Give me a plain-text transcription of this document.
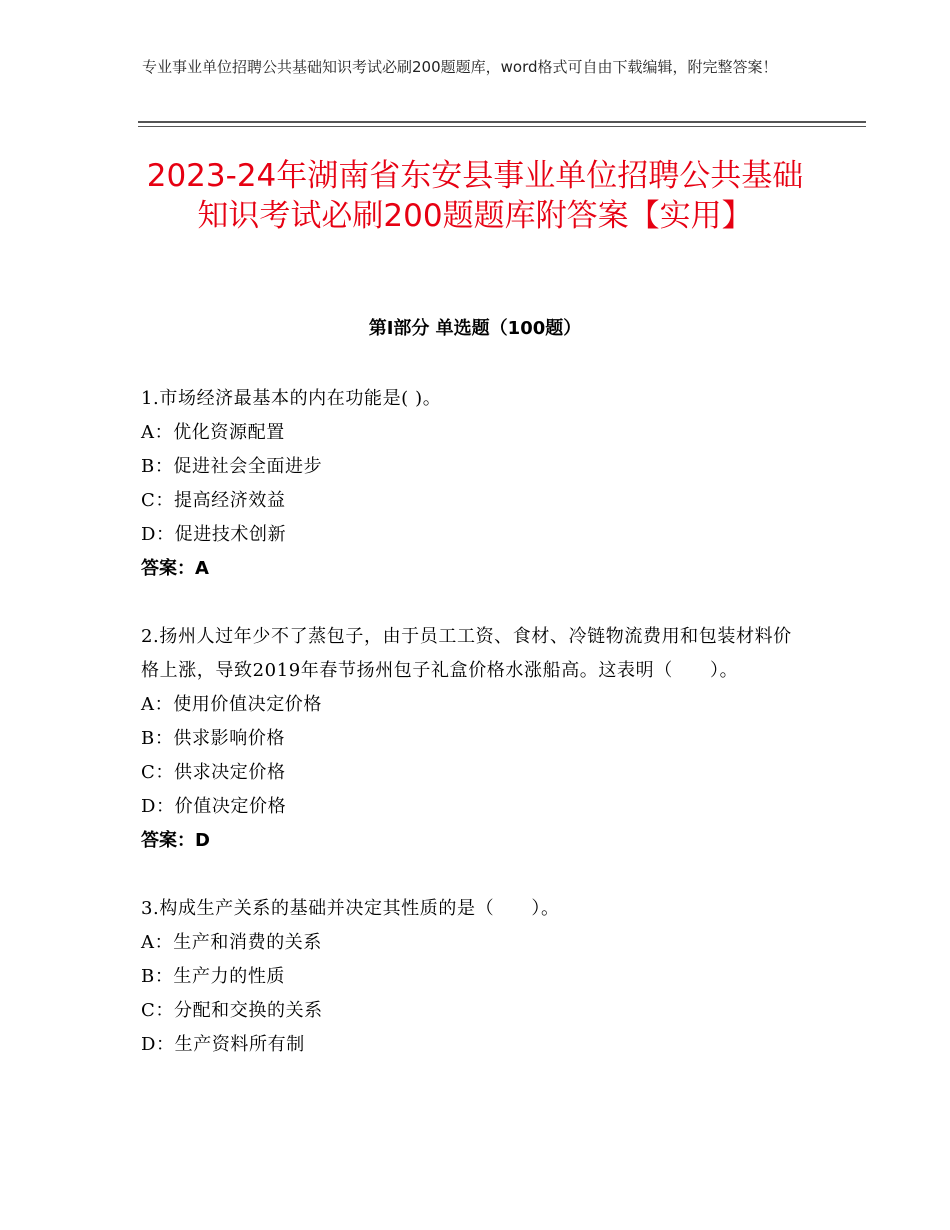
专业事业单位招聘公共基础知识考试必刷200题题库，word格式可自由下载编辑，附完整答案！
2023-24年湖南省东安县事业单位招聘公共基础知识考试必刷200题题库附答案【实用】
第Ⅰ部分 单选题（100题）
1.市场经济最基本的内在功能是( )。
A：优化资源配置
B：促进社会全面进步
C：提高经济效益
D：促进技术创新
答案：A
2.扬州人过年少不了蒸包子，由于员工工资、食材、冷链物流费用和包装材料价格上涨，导致2019年春节扬州包子礼盒价格水涨船高。这表明（　　）。
A：使用价值决定价格
B：供求影响价格
C：供求决定价格
D：价值决定价格
答案：D
3.构成生产关系的基础并决定其性质的是（　　）。
A：生产和消费的关系
B：生产力的性质
C：分配和交换的关系
D：生产资料所有制
